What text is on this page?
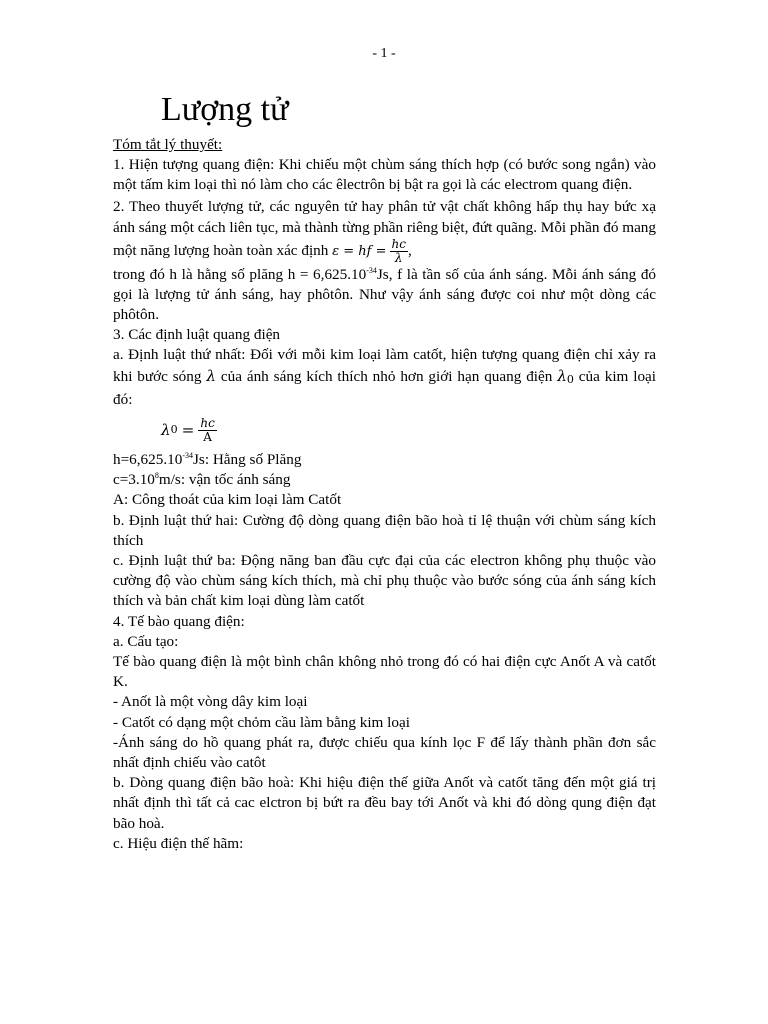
- 1 -
Lượng tử

Tóm tắt lý thuyết:

1. Hiện tượng quang điện: Khi chiếu một chùm sáng thích hợp (có bước song ngắn) vào một tấm kim loại thì nó làm cho các êlectrôn bị bật ra gọi là các electrom quang điện.

2. Theo thuyết lượng tử, các nguyên tử hay phân tử vật chất không hấp thụ hay bức xạ ánh sáng một cách liên tục, mà thành từng phần riêng biệt, đứt quãng. Mỗi phần đó mang một năng lượng hoàn toàn xác định ε = hf = $\frac{hc}{\lambda}$ ,

trong đó h là hằng số plăng $h = 6,625.10^{-34}Js$, f là tần số của ánh sáng. Mỗi ánh sáng đó gọi là lượng tử ánh sáng, hay phôtôn. Như vậy ánh sáng được coi như một dòng các phôtôn.

3. Các định luật quang điện

a. Định luật thứ nhất: Đối với mỗi kim loại làm catốt, hiện tượng quang điện chỉ xảy ra khi bước sóng λ của ánh sáng kích thích nhỏ hơn giới hạn quang điện λ0 của kim loại đó:

λ $0 = \frac{hc}{A}$

$h=6,625.10^{-34}Js$: Hằng số Plăng

$c=3.10^8m/s$: vận tốc ánh sáng

A: Công thoát của kim loại làm Catốt

b. Định luật thứ hai: Cường độ dòng quang điện bão hoà tỉ lệ thuận với chùm sáng kích thích

c. Định luật thứ ba: Động năng ban đầu cực đại của các electron không phụ thuộc vào cường độ vào chùm sáng kích thích, mà chỉ phụ thuộc vào bước sóng của ánh sáng kích thích và bản chất kim loại dùng làm catốt

4. Tế bào quang điện:

a. Cấu tạo:

Tế bào quang điện là một bình chân không nhỏ trong đó có hai điện cực Anốt A và catốt K.

- Anốt là một vòng dây kim loại

- Catốt có dạng một chỏm cầu làm bằng kim loại

-Ánh sáng do hồ quang phát ra, được chiếu qua kính lọc F để lấy thành phần đơn sắc nhất định chiếu vào catôt

b. Dòng quang điện bão hoà: Khi hiệu điện thế giữa Anốt và catốt tăng đến một giá trị nhất định thì tất cả cac elctron bị bứt ra đều bay tới Anốt và khi đó dòng qung điện đạt bão hoà.

c. Hiệu điện thế hãm:
